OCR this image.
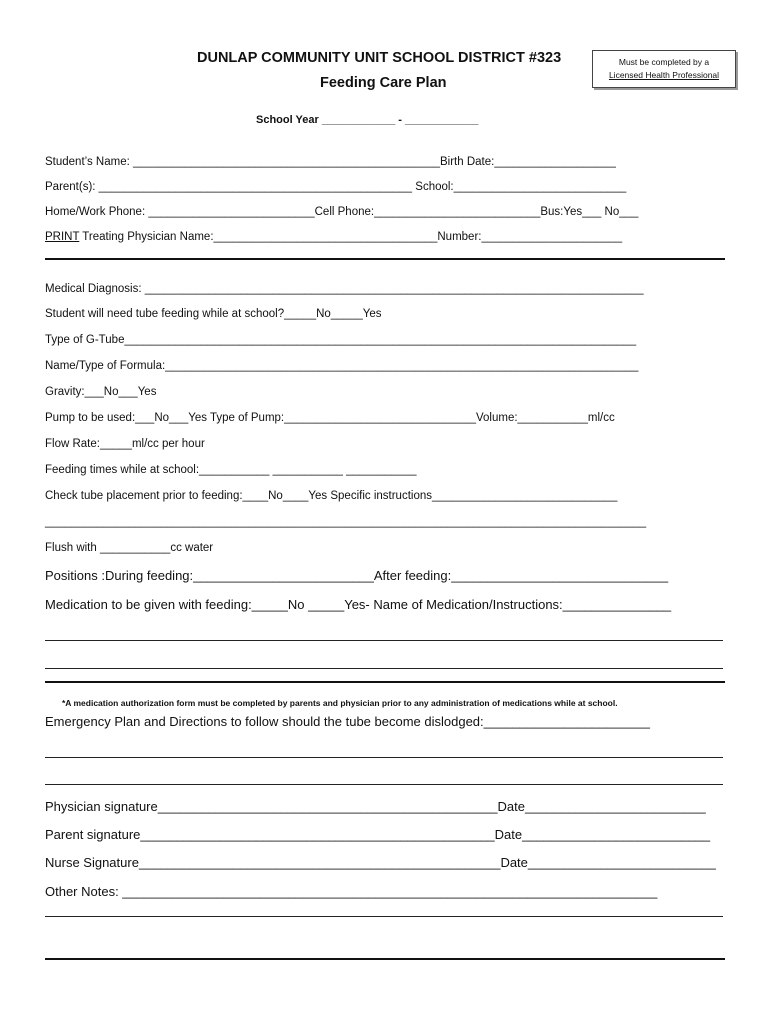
DUNLAP COMMUNITY UNIT SCHOOL DISTRICT #323
Feeding Care Plan
Must be completed by a
Licensed Health Professional
School Year ____________ - ____________
Student’s Name: ________________________________________________Birth Date:___________________
Parent(s): _________________________________________________ School:___________________________
Home/Work Phone: __________________________Cell Phone:__________________________Bus:Yes___ No___
PRINT Treating Physician Name:___________________________________Number:______________________
Medical Diagnosis: ______________________________________________________________________________
Student will need tube feeding while at school?_____No_____Yes
Type of G-Tube________________________________________________________________________________
Name/Type of Formula:__________________________________________________________________________
Gravity:___No___Yes
Pump to be used:___No___Yes Type of Pump:______________________________Volume:___________ml/cc
Flow Rate:_____ml/cc per hour
Feeding times while at school:___________ ___________ ___________
Check tube placement prior to feeding:____No____Yes Specific instructions_____________________________
______________________________________________________________________________________________
Flush with ___________cc water
Positions :During feeding:_________________________After feeding:______________________________
Medication to be given with feeding:_____No _____Yes- Name of Medication/Instructions:_______________
*A medication authorization form must be completed by parents and physician prior to any administration of medications while at school.
Emergency Plan and Directions to follow should the tube become dislodged:_______________________
Physician signature_______________________________________________Date_________________________
Parent signature_________________________________________________Date__________________________
Nurse Signature__________________________________________________Date__________________________
Other Notes: __________________________________________________________________________
